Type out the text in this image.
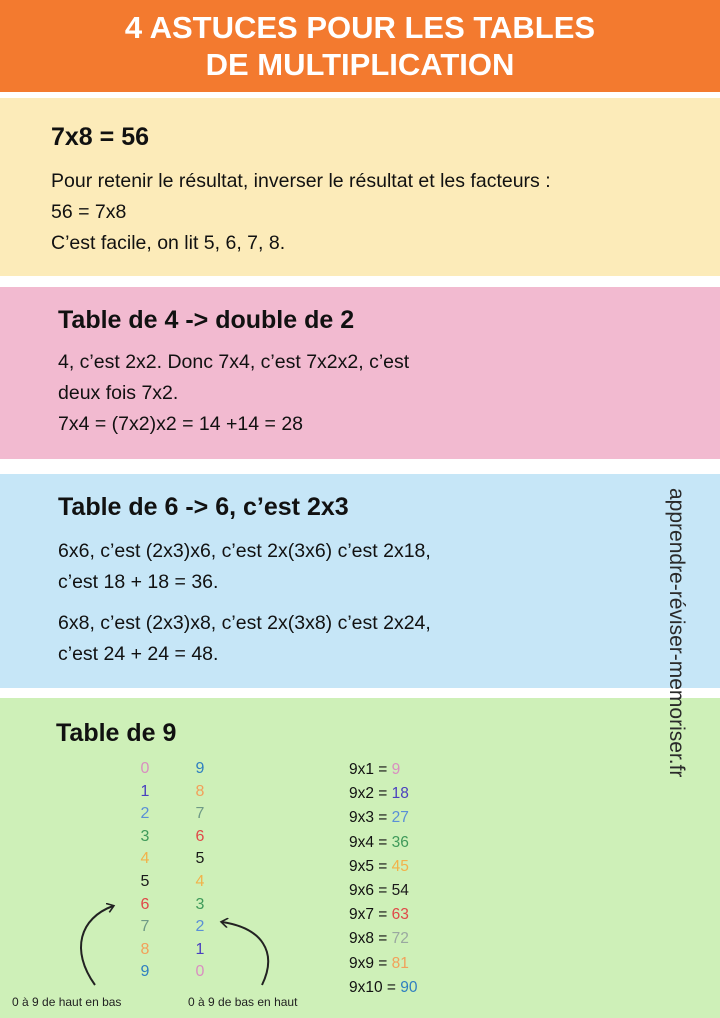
4 ASTUCES POUR LES TABLES
DE MULTIPLICATION
7x8 = 56
Pour retenir le résultat, inverser le résultat et les facteurs :
56 = 7x8
C’est facile, on lit 5, 6, 7, 8.
Table de 4 -> double de 2
4, c’est 2x2. Donc 7x4, c’est 7x2x2, c’est
deux fois 7x2.
7x4 = (7x2)x2 = 14 +14 = 28
Table de 6 -> 6, c’est 2x3
6x6, c’est (2x3)x6, c’est 2x(3x6) c’est 2x18,
c’est 18 + 18 = 36.
6x8, c’est (2x3)x8, c’est 2x(3x8) c’est 2x24,
c’est 24 + 24 = 48.
Table de 9
0	9
1	8
2	7
3	6
4	5
5	4
6	3
7	2
8	1
9	0
9x1 = 9
9x2 = 18
9x3 = 27
9x4 = 36
9x5 = 45
9x6 = 54
9x7 = 63
9x8 = 72
9x9 = 81
9x10 = 90
0 à 9 de haut en bas	0 à 9 de bas en haut
apprendre-réviser-memoriser.fr
